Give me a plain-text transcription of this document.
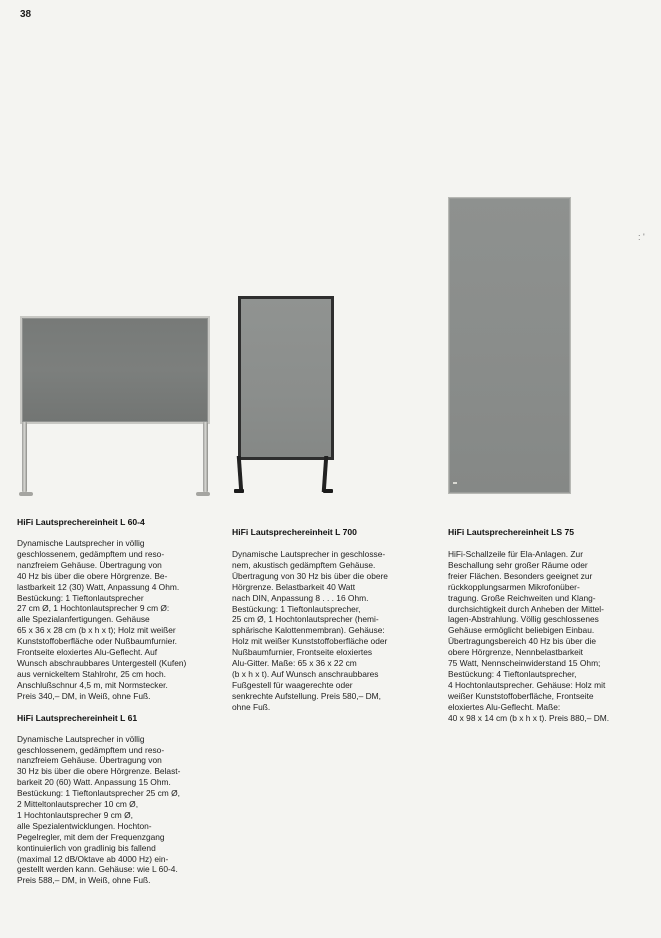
38
: '
HiFi Lautsprechereinheit L 60-4

Dynamische Lautsprecher in völlig
geschlossenem, gedämpftem und reso-
nanzfreiem Gehäuse. Übertragung von
40 Hz bis über die obere Hörgrenze. Be-
lastbarkeit 12 (30) Watt, Anpassung 4 Ohm.
Bestückung: 1 Tieftonlautsprecher
27 cm Ø, 1 Hochtonlautsprecher 9 cm Ø:
alle Spezialanfertigungen. Gehäuse
65 x 36 x 28 cm (b x h x t); Holz mit weißer
Kunststoffoberfläche oder Nußbaumfurnier.
Frontseite eloxiertes Alu-Geflecht. Auf
Wunsch abschraubbares Untergestell (Kufen)
aus vernickeltem Stahlrohr, 25 cm hoch.
Anschlußschnur 4,5 m, mit Normstecker.
Preis 340,– DM, in Weiß, ohne Fuß.

HiFi Lautsprechereinheit L 61

Dynamische Lautsprecher in völlig
geschlossenem, gedämpftem und reso-
nanzfreiem Gehäuse. Übertragung von
30 Hz bis über die obere Hörgrenze. Belast-
barkeit 20 (60) Watt. Anpassung 15 Ohm.
Bestückung: 1 Tieftonlautsprecher 25 cm Ø,
2 Mitteltonlautsprecher 10 cm Ø,
1 Hochtonlautsprecher 9 cm Ø,
alle Spezialentwicklungen. Hochton-
Pegelregler, mit dem der Frequenzgang
kontinuierlich von gradlinig bis fallend
(maximal 12 dB/Oktave ab 4000 Hz) ein-
gestellt werden kann. Gehäuse: wie L 60-4.
Preis 588,– DM, in Weiß, ohne Fuß.

HiFi Lautsprechereinheit L 700

Dynamische Lautsprecher in geschlosse-
nem, akustisch gedämpftem Gehäuse.
Übertragung von 30 Hz bis über die obere
Hörgrenze. Belastbarkeit 40 Watt
nach DIN, Anpassung 8 . . . 16 Ohm.
Bestückung: 1 Tieftonlautsprecher,
25 cm Ø, 1 Hochtonlautsprecher (hemi-
sphärische Kalottenmembran). Gehäuse:
Holz mit weißer Kunststoffoberfläche oder
Nußbaumfurnier, Frontseite eloxiertes
Alu-Gitter. Maße: 65 x 36 x 22 cm
(b x h x t). Auf Wunsch anschraubbares
Fußgestell für waagerechte oder
senkrechte Aufstellung. Preis 580,– DM,
ohne Fuß.

HiFi Lautsprechereinheit LS 75

HiFi-Schallzeile für Ela-Anlagen. Zur
Beschallung sehr großer Räume oder
freier Flächen. Besonders geeignet zur
rückkopplungsarmen Mikrofonüber-
tragung. Große Reichweiten und Klang-
durchsichtigkeit durch Anheben der Mittel-
lagen-Abstrahlung. Völlig geschlossenes
Gehäuse ermöglicht beliebigen Einbau.
Übertragungsbereich 40 Hz bis über die
obere Hörgrenze, Nennbelastbarkeit
75 Watt, Nennscheinwiderstand 15 Ohm;
Bestückung: 4 Tieftonlautsprecher,
4 Hochtonlautsprecher. Gehäuse: Holz mit
weißer Kunststoffoberfläche, Frontseite
eloxiertes Alu-Geflecht. Maße:
40 x 98 x 14 cm (b x h x t). Preis 880,– DM.
